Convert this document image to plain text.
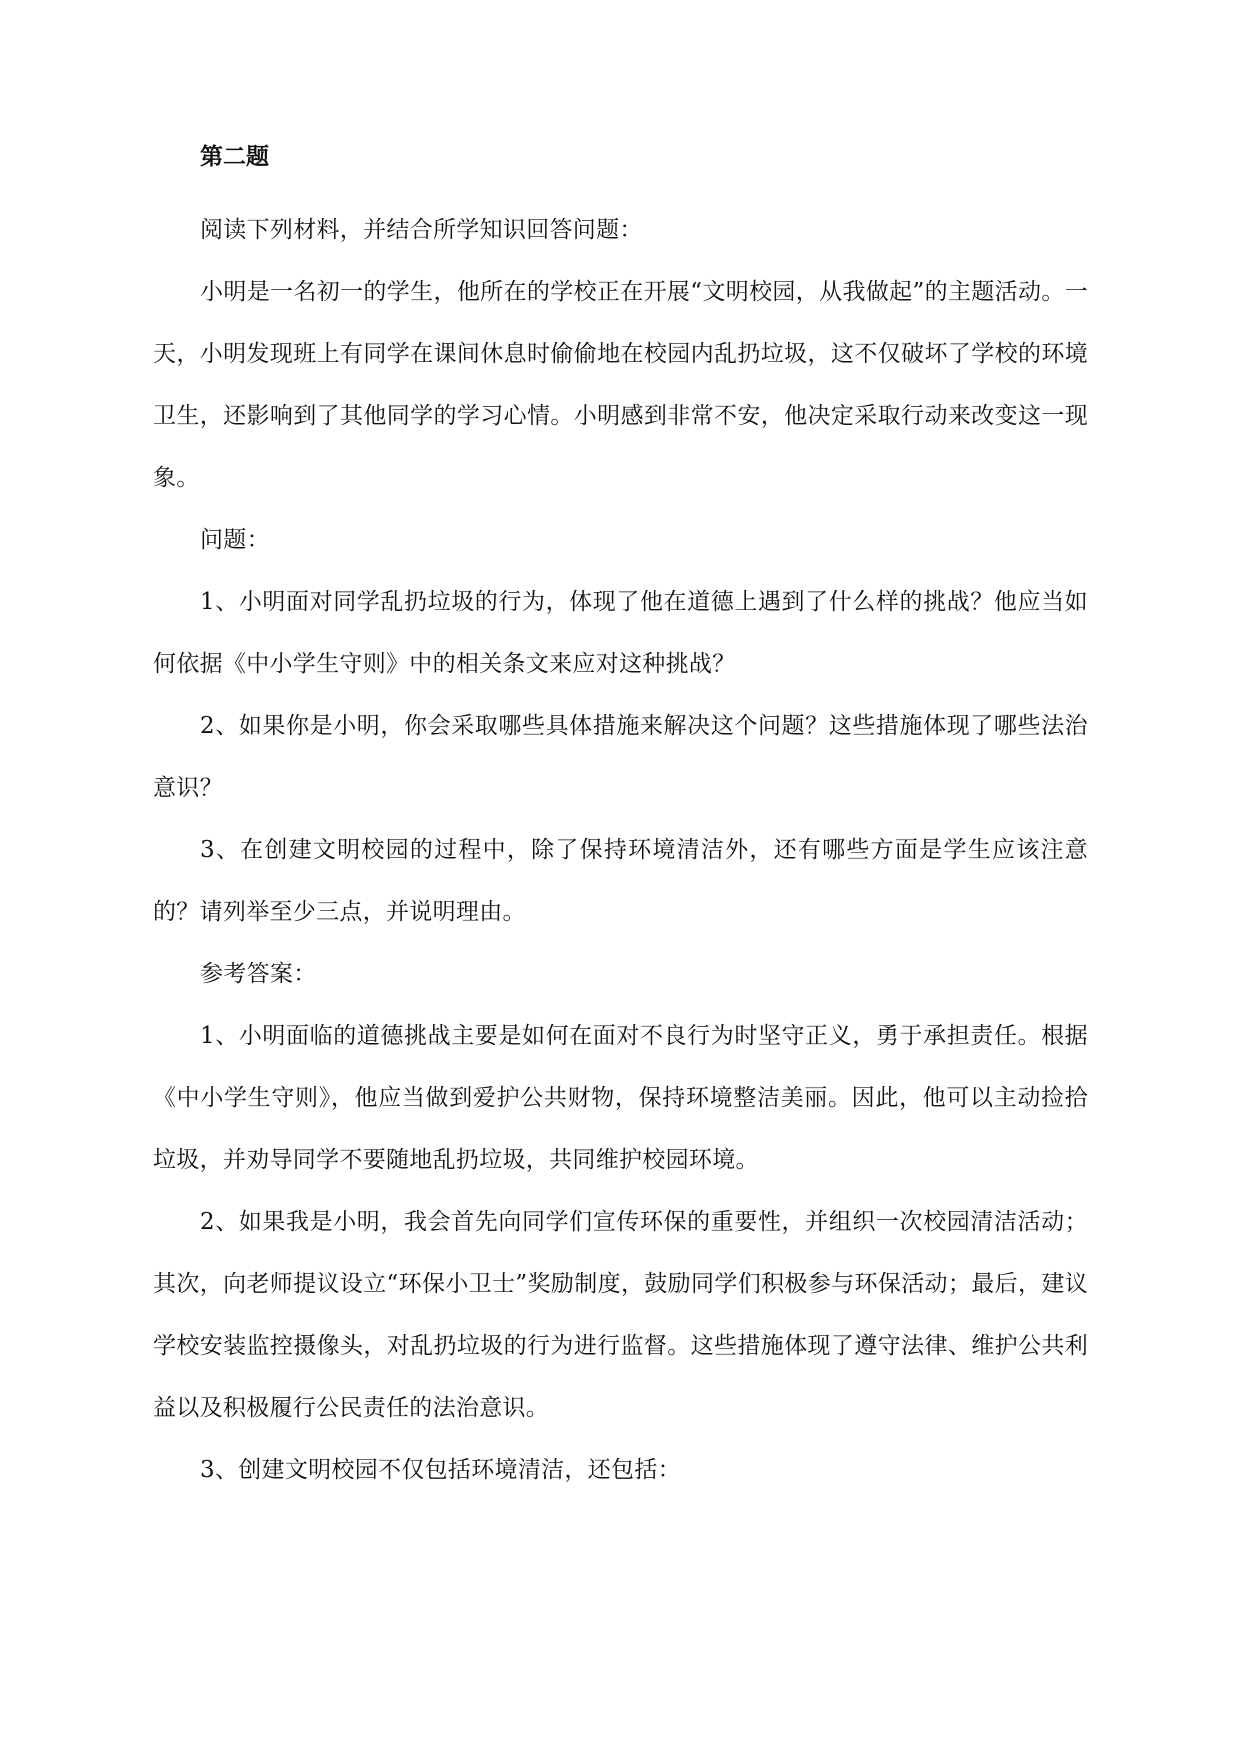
第二题

阅读下列材料，并结合所学知识回答问题：

小明是一名初一的学生，他所在的学校正在开展“文明校园，从我做起”的主题活动。一天，小明发现班上有同学在课间休息时偷偷地在校园内乱扔垃圾，这不仅破坏了学校的环境卫生，还影响到了其他同学的学习心情。小明感到非常不安，他决定采取行动来改变这一现象。

问题：

1、小明面对同学乱扔垃圾的行为，体现了他在道德上遇到了什么样的挑战？他应当如何依据《中小学生守则》中的相关条文来应对这种挑战？

2、如果你是小明，你会采取哪些具体措施来解决这个问题？这些措施体现了哪些法治意识？

3、在创建文明校园的过程中，除了保持环境清洁外，还有哪些方面是学生应该注意的？请列举至少三点，并说明理由。

参考答案：

1、小明面临的道德挑战主要是如何在面对不良行为时坚守正义，勇于承担责任。根据《中小学生守则》，他应当做到爱护公共财物，保持环境整洁美丽。因此，他可以主动捡拾垃圾，并劝导同学不要随地乱扔垃圾，共同维护校园环境。

2、如果我是小明，我会首先向同学们宣传环保的重要性，并组织一次校园清洁活动；其次，向老师提议设立“环保小卫士”奖励制度，鼓励同学们积极参与环保活动；最后，建议学校安装监控摄像头，对乱扔垃圾的行为进行监督。这些措施体现了遵守法律、维护公共利益以及积极履行公民责任的法治意识。

3、创建文明校园不仅包括环境清洁，还包括：
